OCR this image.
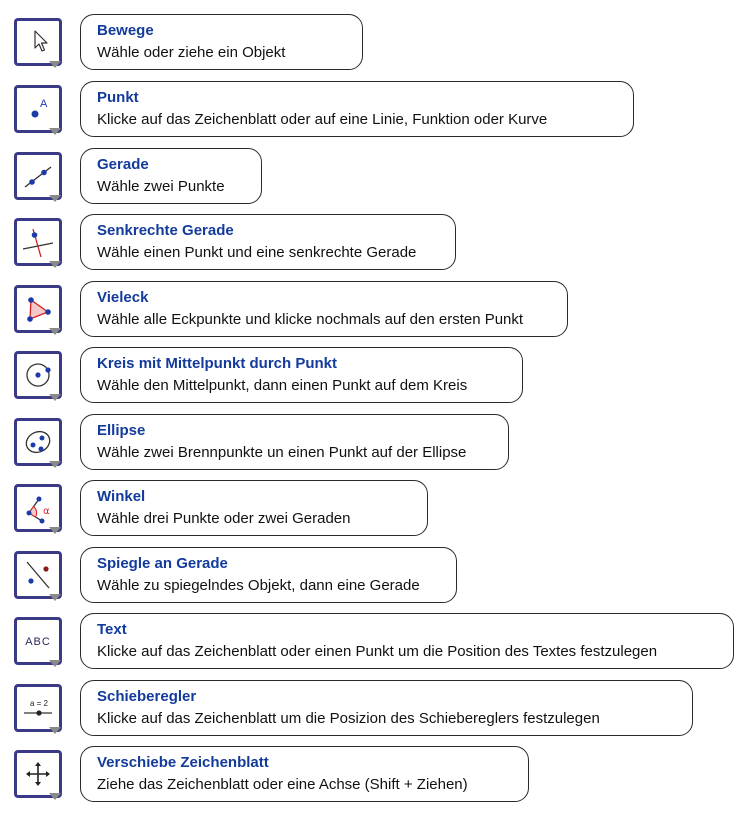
Bewege
Wähle oder ziehe ein Objekt
A	Punkt
Klicke auf das Zeichenblatt oder auf eine Linie, Funktion oder Kurve
Gerade
Wähle zwei Punkte
Senkrechte Gerade
Wähle einen Punkt und eine senkrechte Gerade
Vieleck
Wähle alle Eckpunkte und klicke nochmals auf den ersten Punkt
Kreis mit Mittelpunkt durch Punkt
Wähle den Mittelpunkt, dann einen Punkt auf dem Kreis
Ellipse
Wähle zwei Brennpunkte un einen Punkt auf der Ellipse
α
Winkel
Wähle drei Punkte oder zwei Geraden
Spiegle an Gerade
Wähle zu spiegelndes Objekt, dann eine Gerade
ABC
Text
Klicke auf das Zeichenblatt oder einen Punkt um die Position des Textes festzulegen
a = 2	Schieberegler
Klicke auf das Zeichenblatt um die Posizion des Schiebereglers festzulegen
Verschiebe Zeichenblatt
Ziehe das Zeichenblatt oder eine Achse (Shift + Ziehen)
